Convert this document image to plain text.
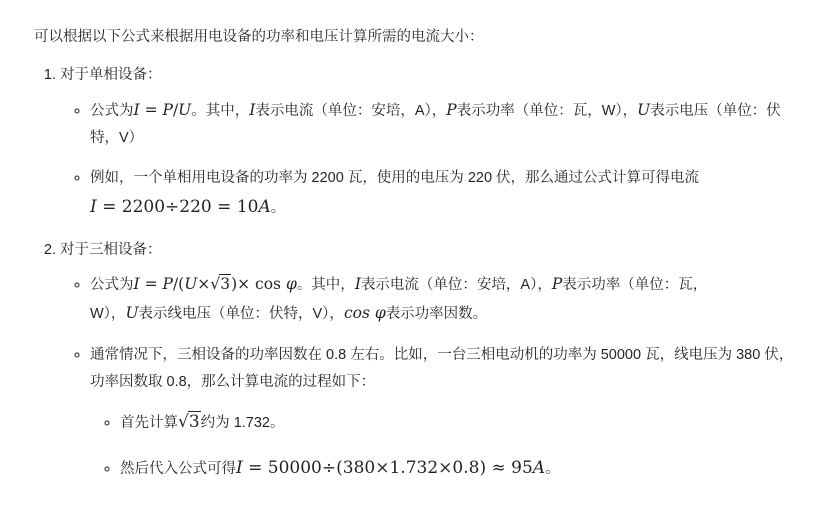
可以根据以下公式来根据用电设备的功率和电压计算所需的电流大小：

1. 对于单相设备：
◦ 公式为I = P/U。其中，I表示电流（单位：安培，A），P表示功率（单位：瓦，W），U表示电压（单位：伏特，V）
◦ 例如，一个单相用电设备的功率为 2200 瓦，使用的电压为 220 伏，那么通过公式计算可得电流 I = 2200÷220 = 10A。
2. 对于三相设备：
◦ 公式为I = P/(U×√3)× cos φ。其中，I表示电流（单位：安培，A），P表示功率（单位：瓦，
W），U表示线电压（单位：伏特，V），cos φ表示功率因数。
◦ 通常情况下，三相设备的功率因数在 0.8 左右。比如，一台三相电动机的功率为 50000 瓦，线电压为 380 伏，功率因数取 0.8，那么计算电流的过程如下：
◦ 首先计算√3约为 1.732。
◦ 然后代入公式可得I = 50000÷(380×1.732×0.8) ≈ 95A。
